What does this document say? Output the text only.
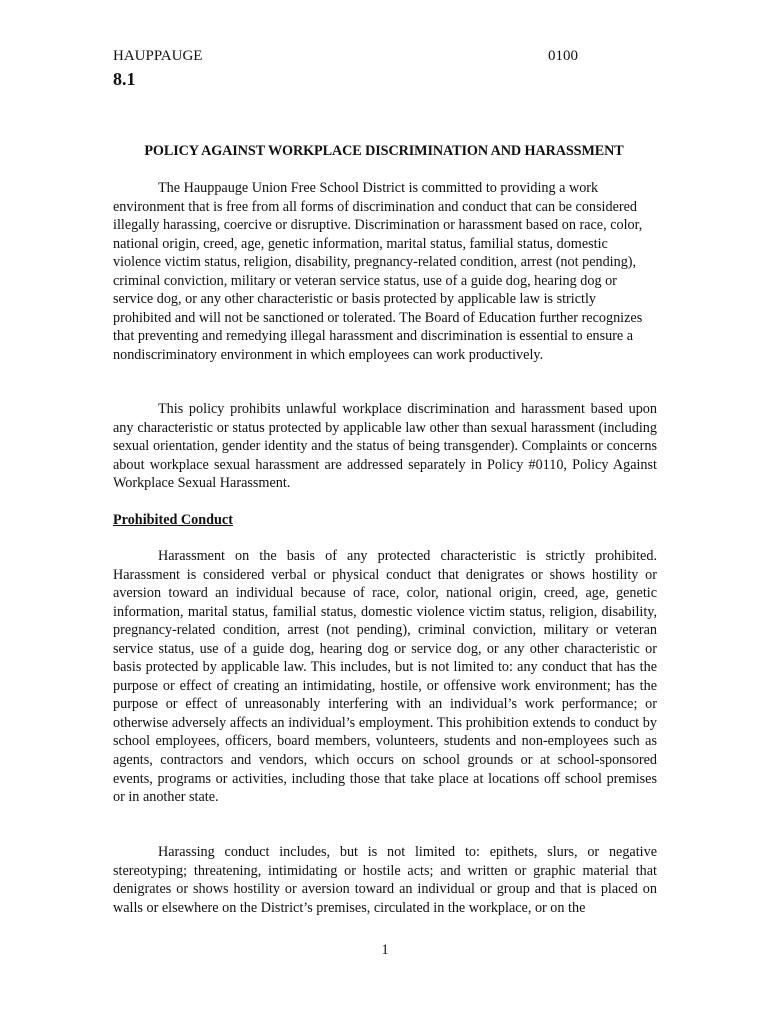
HAUPPAUGE	0100
8.1
POLICY AGAINST WORKPLACE DISCRIMINATION AND HARASSMENT

The Hauppauge Union Free School District is committed to providing a work environment that is free from all forms of discrimination and conduct that can be considered illegally harassing, coercive or disruptive. Discrimination or harassment based on race, color, national origin, creed, age, genetic information, marital status, familial status, domestic violence victim status, religion, disability, pregnancy-related condition, arrest (not pending), criminal conviction, military or veteran service status, use of a guide dog, hearing dog or service dog, or any other characteristic or basis protected by applicable law is strictly prohibited and will not be sanctioned or tolerated. The Board of Education further recognizes that preventing and remedying illegal harassment and discrimination is essential to ensure a nondiscriminatory environment in which employees can work productively.

This policy prohibits unlawful workplace discrimination and harassment based upon any characteristic or status protected by applicable law other than sexual harassment (including sexual orientation, gender identity and the status of being transgender). Complaints or concerns about workplace sexual harassment are addressed separately in Policy #0110, Policy Against Workplace Sexual Harassment.

Prohibited Conduct

Harassment on the basis of any protected characteristic is strictly prohibited. Harassment is considered verbal or physical conduct that denigrates or shows hostility or aversion toward an individual because of race, color, national origin, creed, age, genetic information, marital status, familial status, domestic violence victim status, religion, disability, pregnancy-related condition, arrest (not pending), criminal conviction, military or veteran service status, use of a guide dog, hearing dog or service dog, or any other characteristic or basis protected by applicable law. This includes, but is not limited to: any conduct that has the purpose or effect of creating an intimidating, hostile, or offensive work environment; has the purpose or effect of unreasonably interfering with an individual’s work performance; or otherwise adversely affects an individual’s employment. This prohibition extends to conduct by school employees, officers, board members, volunteers, students and non-employees such as agents, contractors and vendors, which occurs on school grounds or at school-sponsored events, programs or activities, including those that take place at locations off school premises or in another state.

Harassing conduct includes, but is not limited to: epithets, slurs, or negative stereotyping; threatening, intimidating or hostile acts; and written or graphic material that denigrates or shows hostility or aversion toward an individual or group and that is placed on walls or elsewhere on the District’s premises, circulated in the workplace, or on the

1
